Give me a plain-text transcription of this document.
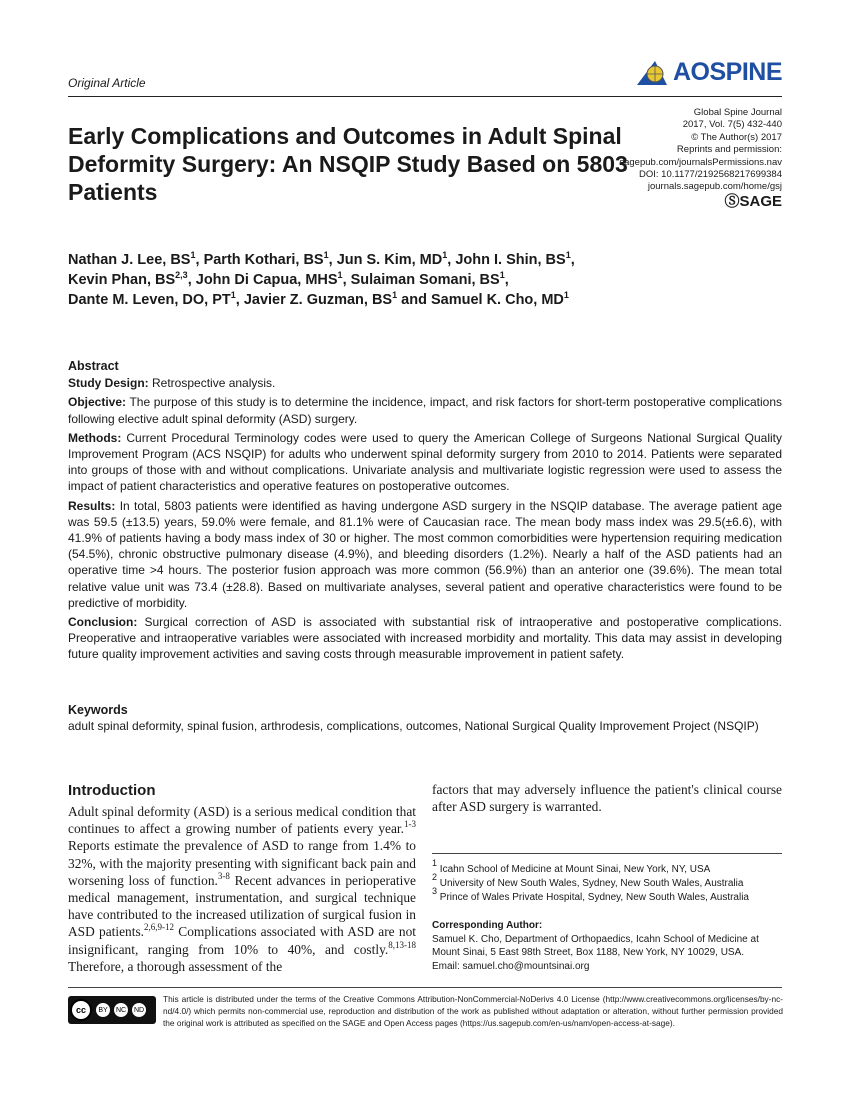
Original Article	AOSPINE
Global Spine Journal
2017, Vol. 7(5) 432-440
© The Author(s) 2017
Reprints and permission:
sagepub.com/journalsPermissions.nav
DOI: 10.1177/2192568217699384
journals.sagepub.com/home/gsj
ⓈSAGE
Early Complications and Outcomes in Adult Spinal Deformity Surgery: An NSQIP Study Based on 5803 Patients
Nathan J. Lee, $BS^1$, Parth Kothari, $BS^1$, Jun S. Kim, $MD^1$, John I. Shin, $BS^1$,
Kevin Phan, BS$^{2,3}$, John Di Capua, MHS$^1$, Sulaiman Somani, $BS^1$,
Dante M. Leven, DO, $PT^1$, Javier Z. Guzman, $BS^1$ and Samuel K. Cho, $MD^1$
Abstract

Study Design: Retrospective analysis.

Objective: The purpose of this study is to determine the incidence, impact, and risk factors for short-term postoperative complications following elective adult spinal deformity (ASD) surgery.

Methods: Current Procedural Terminology codes were used to query the American College of Surgeons National Surgical Quality Improvement Program (ACS NSQIP) for adults who underwent spinal deformity surgery from 2010 to 2014. Patients were separated into groups of those with and without complications. Univariate analysis and multivariate logistic regression were used to assess the impact of patient characteristics and operative features on postoperative outcomes.

Results: In total, 5803 patients were identified as having undergone ASD surgery in the NSQIP database. The average patient age was 59.5 (±13.5) years, 59.0% were female, and 81.1% were of Caucasian race. The mean body mass index was 29.5(±6.6), with 41.9% of patients having a body mass index of 30 or higher. The most common comorbidities were hypertension requiring medication (54.5%), chronic obstructive pulmonary disease (4.9%), and bleeding disorders (1.2%). Nearly a half of the ASD patients had an operative time >4 hours. The posterior fusion approach was more common (56.9%) than an anterior one (39.6%). The mean total relative value unit was 73.4 (±28.8). Based on multivariate analyses, several patient and operative characteristics were found to be predictive of morbidity.

Conclusion: Surgical correction of ASD is associated with substantial risk of intraoperative and postoperative complications. Preoperative and intraoperative variables were associated with increased morbidity and mortality. This data may assist in developing future quality improvement activities and saving costs through measurable improvement in patient safety.

Keywords
adult spinal deformity, spinal fusion, arthrodesis, complications, outcomes, National Surgical Quality Improvement Project (NSQIP)
Introduction
Adult spinal deformity (ASD) is a serious medical condition that continues to affect a growing number of patients every year.$^{1-3}$ Reports estimate the prevalence of ASD to range from 1.4% to 32%, with the majority presenting with significant back pain and worsening loss of function.$^{3-8}$ Recent advances in perioperative medical management, instrumentation, and surgical technique have contributed to the increased utilization of surgical fusion in ASD patients.$^{2,6,9-12}$ Complications associated with ASD are not insignificant, ranging from 10% to 40%, and costly.$^{8,13-18}$ Therefore, a thorough assessment of the
factors that may adversely influence the patient's clinical course after ASD surgery is warranted.
$^1$ Icahn School of Medicine at Mount Sinai, New York, NY, USA
$^2$ University of New South Wales, Sydney, New South Wales, Australia
$^3$ Prince of Wales Private Hospital, Sydney, New South Wales, Australia
Corresponding Author:
Samuel K. Cho, Department of Orthopaedics, Icahn School of Medicine at Mount Sinai, 5 East 98th Street, Box 1188, New York, NY 10029, USA.
Email: samuel.cho@mountsinai.org
cc	BY	NC ND
This article is distributed under the terms of the Creative Commons Attribution-NonCommercial-NoDerivs 4.0 License (http://www.creativecommons.org/licenses/by-nc-nd/4.0/) which permits non-commercial use, reproduction and distribution of the work as published without adaptation or alteration, without further permission provided the original work is attributed as specified on the SAGE and Open Access pages (https://us.sagepub.com/en-us/nam/open-access-at-sage).
